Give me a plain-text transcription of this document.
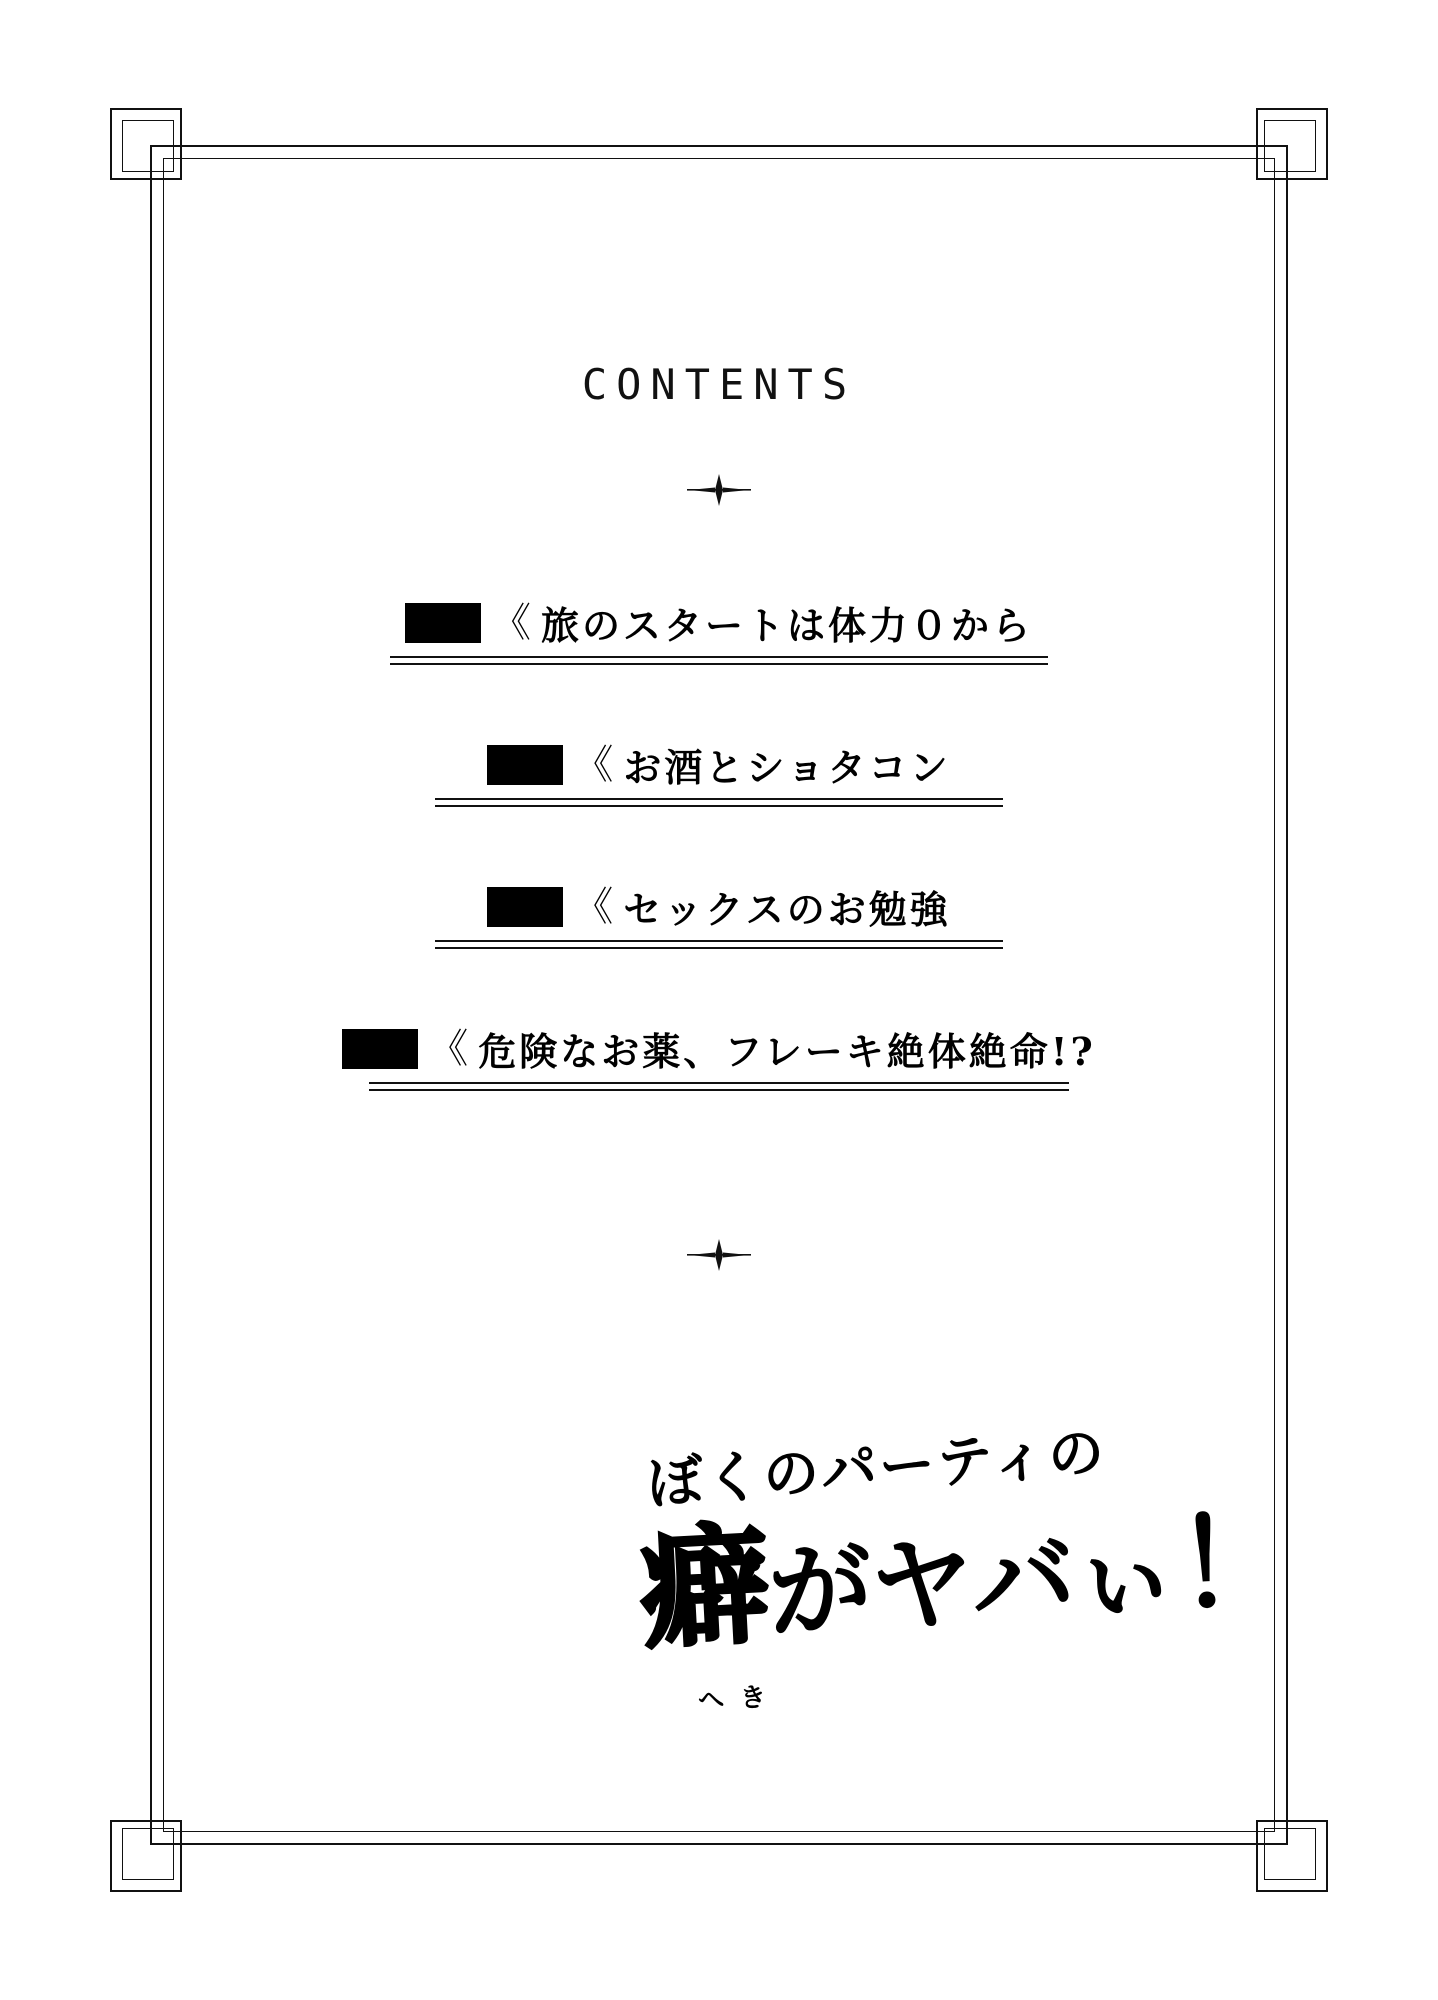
CONTENTS
《 旅のスタートは体力０から
《 お酒とショタコン
《 セックスのお勉強
《 危険なお薬、フレーキ絶体絶命!?
ぼくのパーティの
癖がヤバぃ！
へき
